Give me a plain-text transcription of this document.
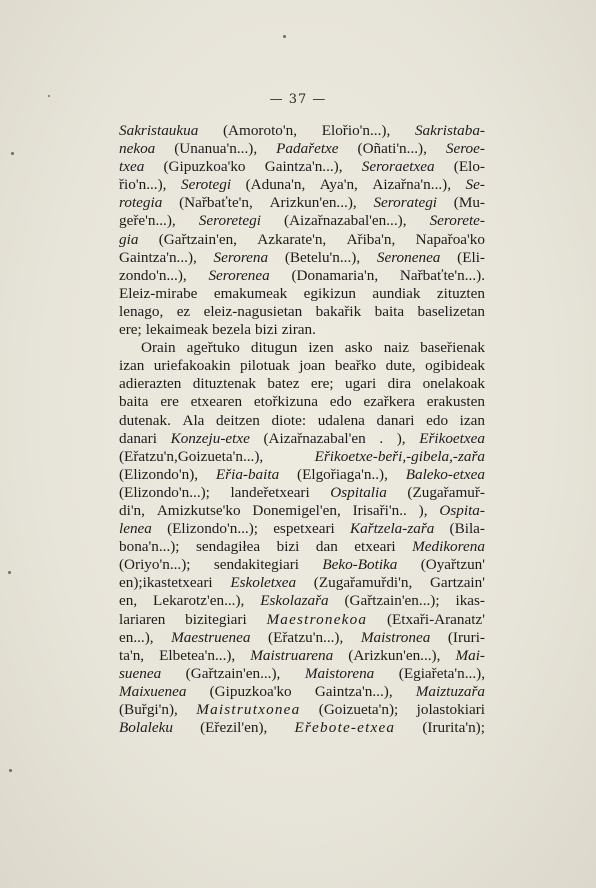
— 37 —
Sakristaukua (Amoroto'n, Elořio'n...), Sakristaba-
nekoa (Unanua'n...), Padařetxe (Oñati'n...), Seroe-
txea (Gipuzkoa'ko Gaintza'n...), Seroraetxea (Elo-
řio'n...), Serotegi (Aduna'n, Aya'n, Aizařna'n...), Se-
rotegia (Nařbaťte'n, Arizkun'en...), Serorategi (Mu-
geře'n...), Seroretegi (Aizařnazabal'en...), Serorete-
gia (Gařtzain'en, Azkarate'n, Ařiba'n, Napařoa'ko
Gaintza'n...), Serorena (Betelu'n...), Seronenea (Eli-
zondo'n...), Serorenea (Donamaria'n, Nařbaťte'n...).
Eleiz-mirabe emakumeak egikizun aundiak zituzten
lenago, ez eleiz-nagusietan bakařik baita baselizetan
ere; lekaimeak bezela bizi ziran.
Orain ageřtuko ditugun izen asko naiz baseřienak
izan uriefakoakin pilotuak joan beařko dute, ogibideak
adierazten dituztenak batez ere; ugari dira onelakoak
baita ere etxearen etořkizuna edo ezařkera erakusten
dutenak. Ala deitzen diote: udalena danari edo izan
danari Konzeju-etxe (Aizařnazabal'en . ), Eřikoetxea
(Eřatzu'n,Goizueta'n...),	Eřikoetxe-beři,-gibela,-zařa
(Elizondo'n), Eřia-baita (Elgořiaga'n..), Baleko-etxea
(Elizondo'n...); landeřetxeari Ospitalia (Zugařamuř-
di'n, Amizkutse'ko Donemigel'en, Irisaři'n.. ), Ospita-
lenea (Elizondo'n...); espetxeari Kařtzela-zařa (Bila-
bona'n...); sendagiłea bizi dan etxeari Medikorena
(Oriyo'n...); sendakitegiari Beko-Botika (Oyařtzun'
en);ikastetxeari Eskoletxea (Zugařamuřdi'n, Gartzain'
en, Lekarotz'en...), Eskolazařa (Gařtzain'en...); ikas-
lariaren bizitegiari Maestronekoa (Etxaři-Aranatz'
en...), Maestruenea (Eřatzu'n...), Maistronea (Iruri-
ta'n, Elbetea'n...), Maistruarena (Arizkun'en...), Mai-
suenea (Gařtzain'en...), Maistorena (Egiařeta'n...),
Maixuenea (Gipuzkoa'ko Gaintza'n...), Maiztuzařa
(Buřgi'n), Maistrutxonea (Goizueta'n); jolastokiari
Bolaleku (Eřezil'en), Eřebote-etxea (Irurita'n);
